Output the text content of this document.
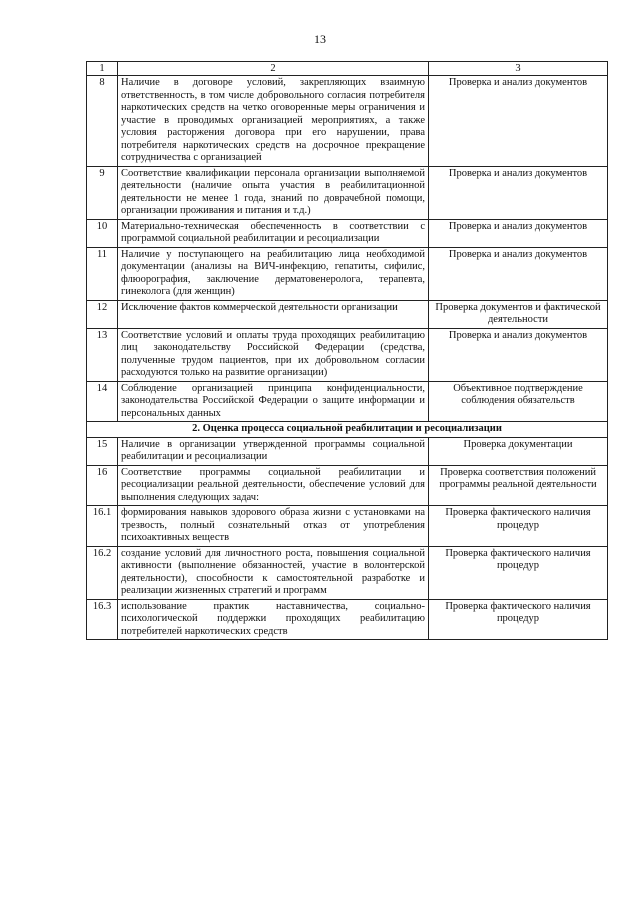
13
1	2	3
8	Наличие в договоре условий, закрепляющих взаимную ответственность, в том числе добровольного согласия потребителя наркотических средств на четко оговоренные меры ограничения и участие в проводимых организацией мероприятиях, а также условия расторжения договора при его нарушении, права потребителя наркотических средств на досрочное прекращение сотрудничества с организацией	Проверка и анализ документов
9	Соответствие квалификации персонала организации выполняемой деятельности (наличие опыта участия в реабилитационной деятельности не менее 1 года, знаний по доврачебной помощи, организации проживания и питания и т.д.)	Проверка и анализ документов
10	Материально-техническая обеспеченность в соответствии с программой социальной реабилитации и ресоциализации	Проверка и анализ документов
11	Наличие у поступающего на реабилитацию лица необходимой документации (анализы на ВИЧ-инфекцию, гепатиты, сифилис, флюорография, заключение дерматовенеролога, терапевта, гинеколога (для женщин)	Проверка и анализ документов
12	Исключение фактов коммерческой деятельности организации	Проверка документов и фактической деятельности
13	Соответствие условий и оплаты труда проходящих реабилитацию лиц законодательству Российской Федерации (средства, полученные трудом пациентов, при их добровольном согласии расходуются только на развитие организации)	Проверка и анализ документов
14	Соблюдение организацией принципа конфиденциальности, законодательства Российской Федерации о защите информации и персональных данных	Объективное подтверждение соблюдения обязательств
2. Оценка процесса социальной реабилитации и ресоциализации		
15	Наличие в организации утвержденной программы социальной реабилитации и ресоциализации	Проверка документации
16	Соответствие программы социальной реабилитации и ресоциализации реальной деятельности, обеспечение условий для выполнения следующих задач:	Проверка соответствия положений программы реальной деятельности
16.1	формирования навыков здорового образа жизни с установками на трезвость, полный сознательный отказ от употребления психоактивных веществ	Проверка фактического наличия процедур
16.2	создание условий для личностного роста, повышения социальной активности (выполнение обязанностей, участие в волонтерской деятельности), способности к самостоятельной разработке и реализации жизненных стратегий и программ	Проверка фактического наличия процедур
16.3	использование практик наставничества, социально-психологической поддержки проходящих реабилитацию потребителей наркотических средств	Проверка фактического наличия процедур
